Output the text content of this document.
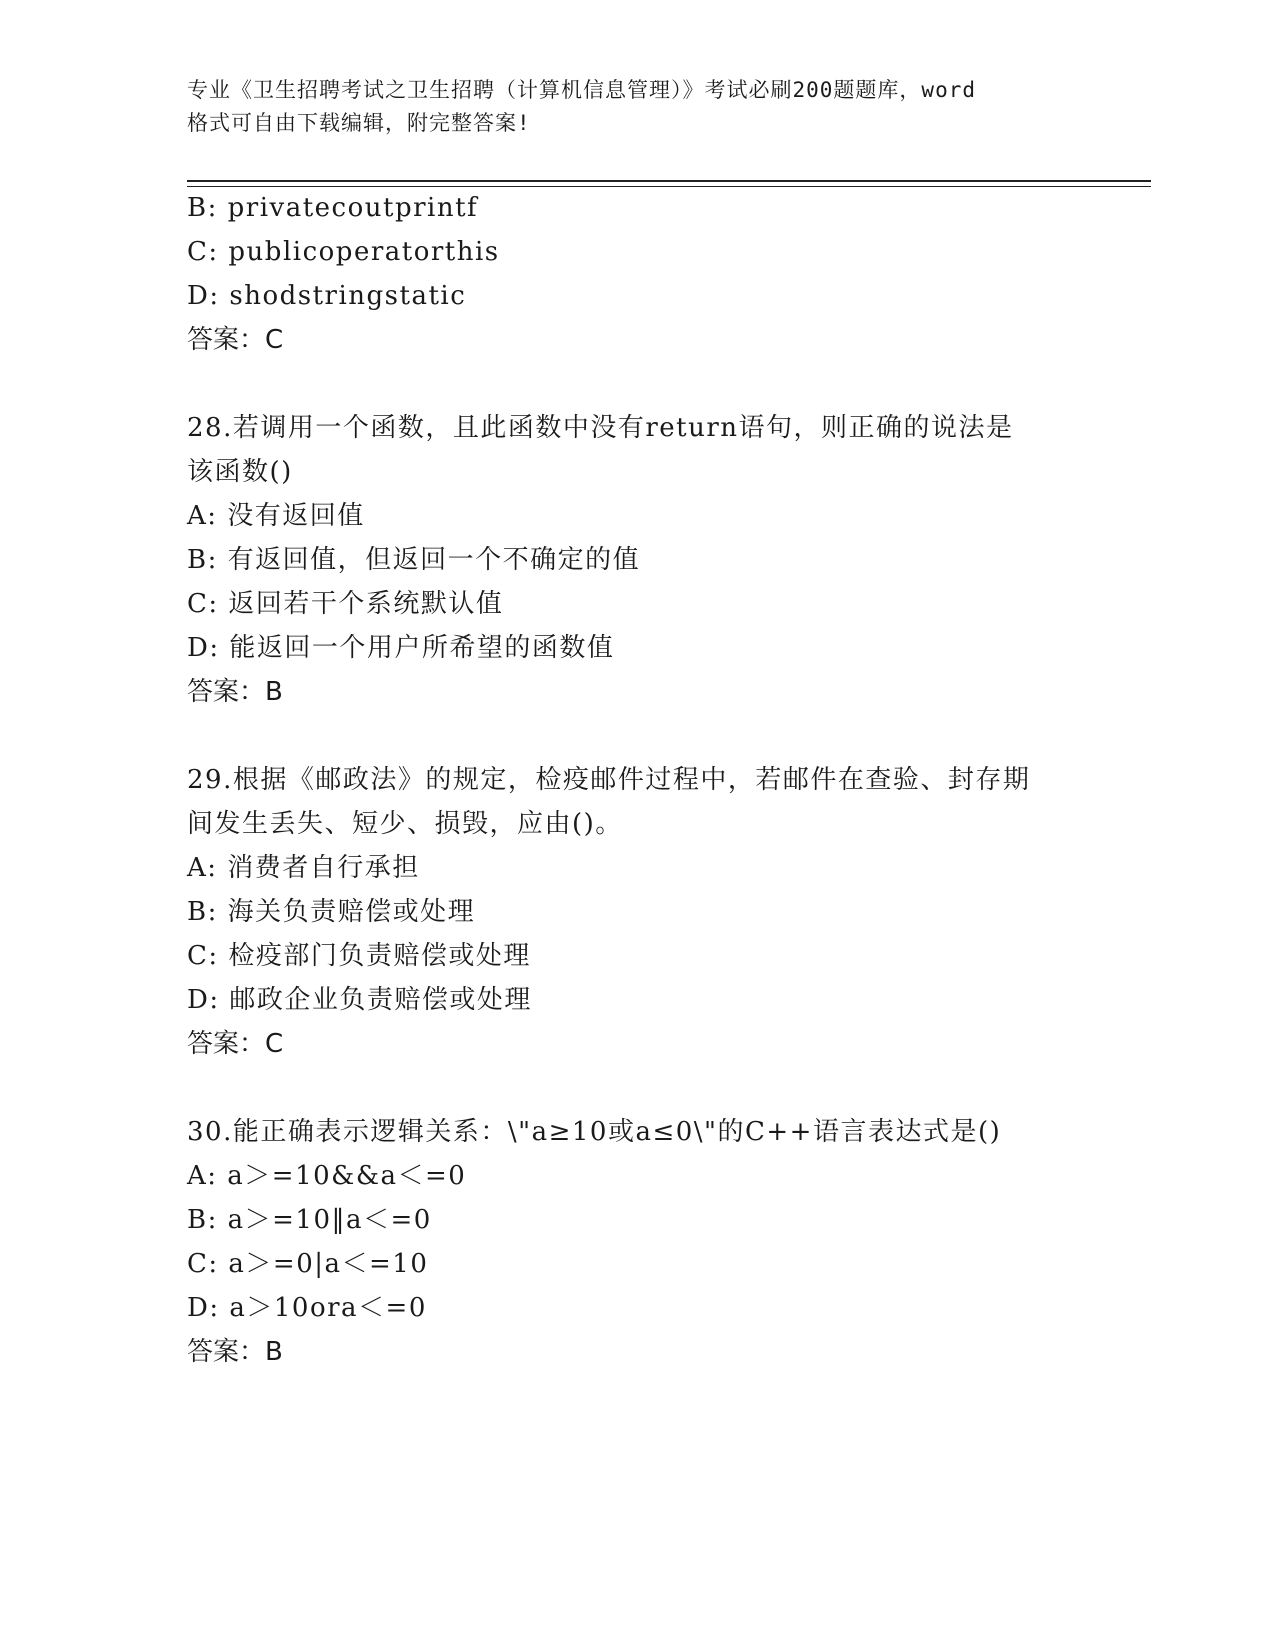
专业《卫生招聘考试之卫生招聘（计算机信息管理）》考试必刷200题题库，word
格式可自由下载编辑，附完整答案!
B: privatecoutprintf
C: publicoperatorthis
D: shodstringstatic
答案：C
28.若调用一个函数，且此函数中没有return语句，则正确的说法是
该函数()
A: 没有返回值
B: 有返回值，但返回一个不确定的值
C: 返回若干个系统默认值
D: 能返回一个用户所希望的函数值
答案：B
29.根据《邮政法》的规定，检疫邮件过程中，若邮件在查验、封存期
间发生丢失、短少、损毁，应由()。
A: 消费者自行承担
B: 海关负责赔偿或处理
C: 检疫部门负责赔偿或处理
D: 邮政企业负责赔偿或处理
答案：C
30.能正确表示逻辑关系：\"a≥10或a≤0\"的C++语言表达式是()
A: a＞=10&&a＜=0
B: a＞=10‖a＜=0
C: a＞=0|a＜=10
D: a＞10ora＜=0
答案：B
